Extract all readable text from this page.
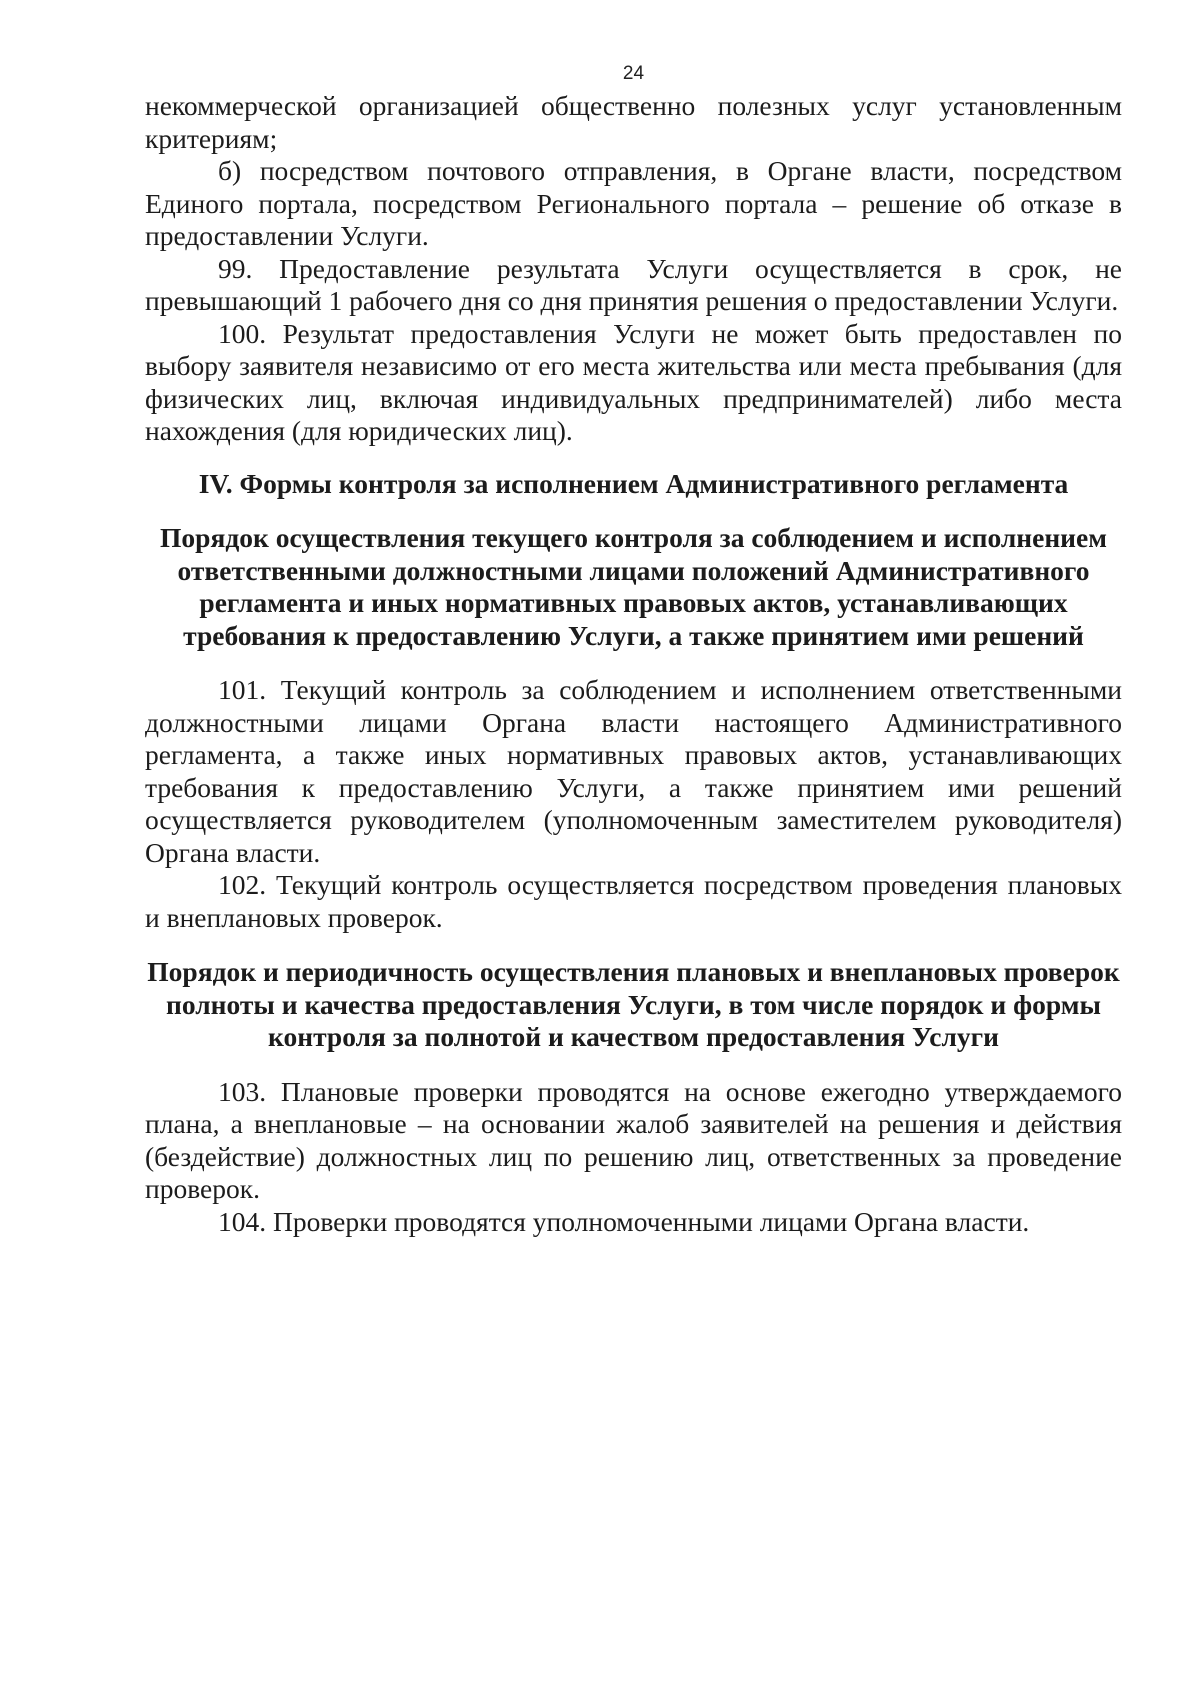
24

некоммерческой организацией общественно полезных услуг установленным критериям;

б) посредством почтового отправления, в Органе власти, посредством Единого портала, посредством Регионального портала – решение об отказе в предоставлении Услуги.

99. Предоставление результата Услуги осуществляется в срок, не превышающий 1 рабочего дня со дня принятия решения о предоставлении Услуги.

100. Результат предоставления Услуги не может быть предоставлен по выбору заявителя независимо от его места жительства или места пребывания (для физических лиц, включая индивидуальных предпринимателей) либо места нахождения (для юридических лиц).

IV. Формы контроля за исполнением Административного регламента
Порядок осуществления текущего контроля за соблюдением и исполнением ответственными должностными лицами положений Административного регламента и иных нормативных правовых актов, устанавливающих требования к предоставлению Услуги, а также принятием ими решений

101. Текущий контроль за соблюдением и исполнением ответственными должностными лицами Органа власти настоящего Административного регламента, а также иных нормативных правовых актов, устанавливающих требования к предоставлению Услуги, а также принятием ими решений осуществляется руководителем (уполномоченным заместителем руководителя) Органа власти.

102. Текущий контроль осуществляется посредством проведения плановых и внеплановых проверок.

Порядок и периодичность осуществления плановых и внеплановых проверок полноты и качества предоставления Услуги, в том числе порядок и формы контроля за полнотой и качеством предоставления Услуги

103. Плановые проверки проводятся на основе ежегодно утверждаемого плана, а внеплановые – на основании жалоб заявителей на решения и действия (бездействие) должностных лиц по решению лиц, ответственных за проведение проверок.

104. Проверки проводятся уполномоченными лицами Органа власти.
